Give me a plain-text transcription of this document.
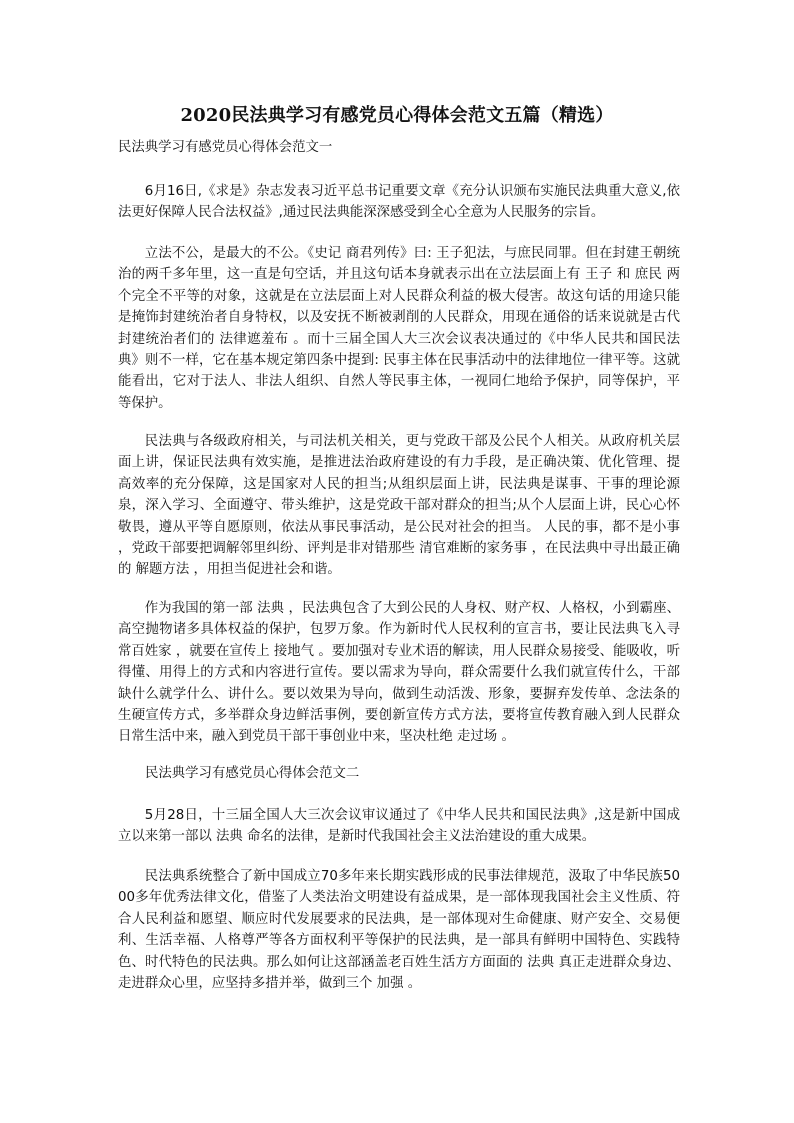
2020民法典学习有感党员心得体会范文五篇（精选）
民法典学习有感党员心得体会范文一

6月16日,《求是》杂志发表习近平总书记重要文章《充分认识颁布实施民法典重大意义,依法更好保障人民合法权益》,通过民法典能深深感受到全心全意为人民服务的宗旨。

立法不公，是最大的不公。《史记 商君列传》曰: 王子犯法，与庶民同罪。但在封建王朝统治的两千多年里，这一直是句空话，并且这句话本身就表示出在立法层面上有 王子 和 庶民 两个完全不平等的对象，这就是在立法层面上对人民群众利益的极大侵害。故这句话的用途只能是掩饰封建统治者自身特权，以及安抚不断被剥削的人民群众，用现在通俗的话来说就是古代封建统治者们的 法律遮羞布 。而十三届全国人大三次会议表决通过的《中华人民共和国民法典》则不一样，它在基本规定第四条中提到: 民事主体在民事活动中的法律地位一律平等。这就能看出，它对于法人、非法人组织、自然人等民事主体，一视同仁地给予保护，同等保护，平等保护。

民法典与各级政府相关，与司法机关相关，更与党政干部及公民个人相关。从政府机关层面上讲，保证民法典有效实施，是推进法治政府建设的有力手段，是正确决策、优化管理、提高效率的充分保障，这是国家对人民的担当;从组织层面上讲，民法典是谋事、干事的理论源泉，深入学习、全面遵守、带头维护，这是党政干部对群众的担当;从个人层面上讲，民心心怀敬畏，遵从平等自愿原则，依法从事民事活动，是公民对社会的担当。 人民的事，都不是小事 ，党政干部要把调解邻里纠纷、评判是非对错那些 清官难断的家务事 ，在民法典中寻出最正确的 解题方法 ，用担当促进社会和谐。

作为我国的第一部 法典 ，民法典包含了大到公民的人身权、财产权、人格权，小到霸座、高空抛物诸多具体权益的保护，包罗万象。作为新时代人民权利的宣言书，要让民法典飞入寻常百姓家 ，就要在宣传上 接地气 。要加强对专业术语的解读，用人民群众易接受、能吸收，听得懂、用得上的方式和内容进行宣传。要以需求为导向，群众需要什么我们就宣传什么，干部缺什么就学什么、讲什么。要以效果为导向，做到生动活泼、形象，要摒弃发传单、念法条的生硬宣传方式，多举群众身边鲜活事例，要创新宣传方式方法，要将宣传教育融入到人民群众日常生活中来，融入到党员干部干事创业中来，坚决杜绝 走过场 。

民法典学习有感党员心得体会范文二

5月28日，十三届全国人大三次会议审议通过了《中华人民共和国民法典》,这是新中国成立以来第一部以 法典 命名的法律，是新时代我国社会主义法治建设的重大成果。

民法典系统整合了新中国成立70多年来长期实践形成的民事法律规范，汲取了中华民族5000多年优秀法律文化，借鉴了人类法治文明建设有益成果，是一部体现我国社会主义性质、符合人民利益和愿望、顺应时代发展要求的民法典，是一部体现对生命健康、财产安全、交易便利、生活幸福、人格尊严等各方面权利平等保护的民法典，是一部具有鲜明中国特色、实践特色、时代特色的民法典。那么如何让这部涵盖老百姓生活方方面面的 法典 真正走进群众身边、走进群众心里，应坚持多措并举，做到三个 加强 。
